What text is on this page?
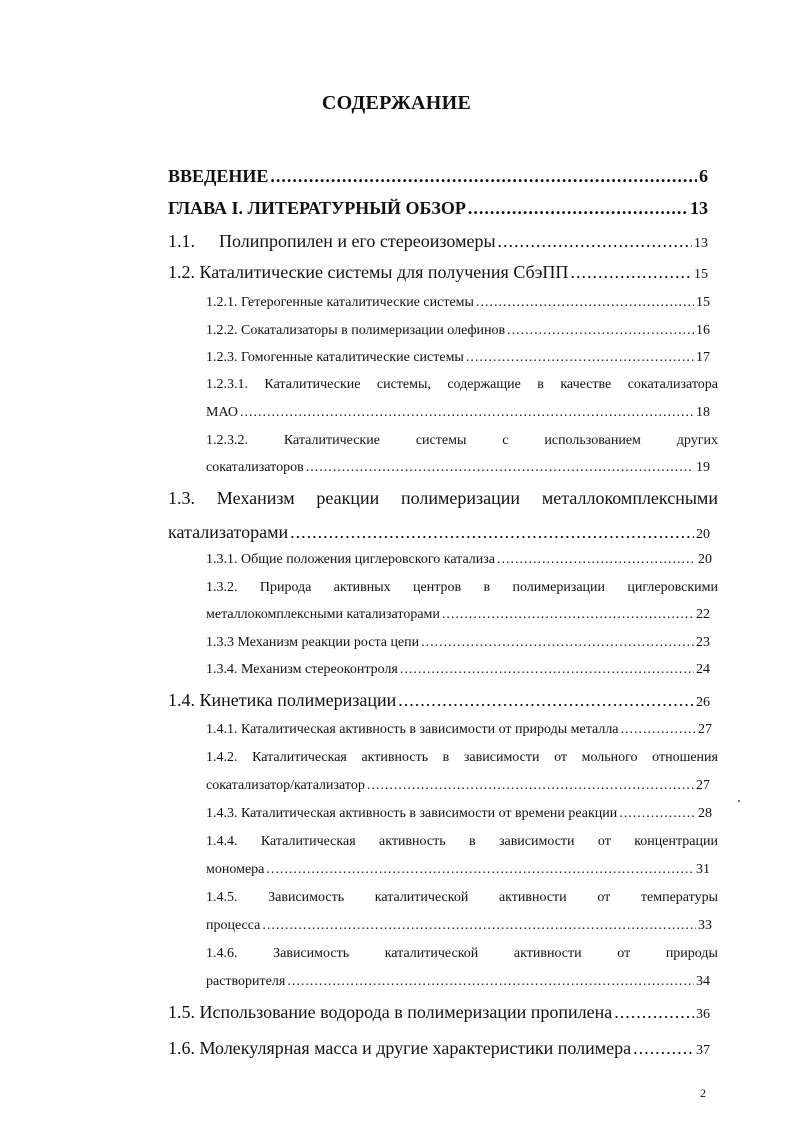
СОДЕРЖАНИЕ
ВВЕДЕНИЕ .....	6
ГЛАВА I. ЛИТЕРАТУРНЫЙ ОБЗОР .....	13
1.1. Полипропилен и его стереоизомеры .....	13
1.2. Каталитические системы для получения СбэПП .....	15
1.2.1. Гетерогенные каталитические системы .....	15
1.2.2. Сокатализаторы в полимеризации олефинов .....	16
1.2.3. Гомогенные каталитические системы .....	17
1.2.3.1. Каталитические системы, содержащие в качестве сокатализатора
МАО .....	18
1.2.3.2.	Каталитические	системы	с	использованием	других
сокатализаторов .....	19
1.3. Механизм реакции полимеризации металлокомплексными
катализаторами .....	20
1.3.1. Общие положения циглеровского катализа .....	20
1.3.2. Природа активных центров в полимеризации циглеровскими
металлокомплексными катализаторами .....	22
1.3.3 Механизм реакции роста цепи .....	23
1.3.4. Механизм стереоконтроля .....	24
1.4. Кинетика полимеризации .....	26
1.4.1. Каталитическая активность в зависимости от природы металла .....	27
1.4.2. Каталитическая активность в зависимости от мольного отношения
сокатализатор/катализатор .....	27
1.4.3. Каталитическая активность в зависимости от времени реакции .....	28
1.4.4. Каталитическая активность в зависимости от концентрации
мономера .....	31
1.4.5. Зависимость каталитической активности от температуры
процесса .....	33
1.4.6.	Зависимость	каталитической	активности	от	природы
растворителя .....	34
1.5. Использование водорода в полимеризации пропилена .....	36
1.6. Молекулярная масса и другие характеристики полимера .....	37
2
